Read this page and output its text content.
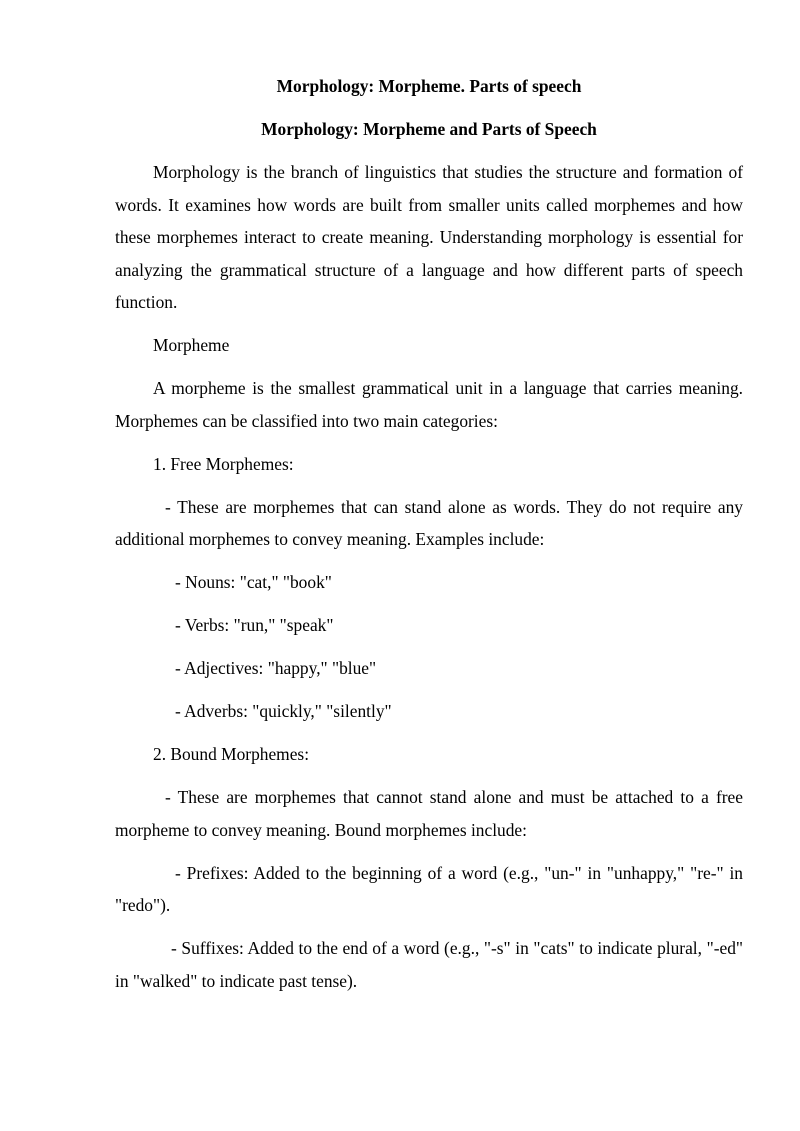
Morphology: Morpheme. Parts of speech
Morphology: Morpheme and Parts of Speech

Morphology is the branch of linguistics that studies the structure and formation of words. It examines how words are built from smaller units called morphemes and how these morphemes interact to create meaning. Understanding morphology is essential for analyzing the grammatical structure of a language and how different parts of speech function.

Morpheme

A morpheme is the smallest grammatical unit in a language that carries meaning. Morphemes can be classified into two main categories:

1. Free Morphemes:

- These are morphemes that can stand alone as words. They do not require any additional morphemes to convey meaning. Examples include:

- Nouns: "cat," "book"

- Verbs: "run," "speak"

- Adjectives: "happy," "blue"

- Adverbs: "quickly," "silently"

2. Bound Morphemes:

- These are morphemes that cannot stand alone and must be attached to a free morpheme to convey meaning. Bound morphemes include:

- Prefixes: Added to the beginning of a word (e.g., "un-" in "unhappy," "re-" in "redo").

- Suffixes: Added to the end of a word (e.g., "-s" in "cats" to indicate plural, "-ed" in "walked" to indicate past tense).
